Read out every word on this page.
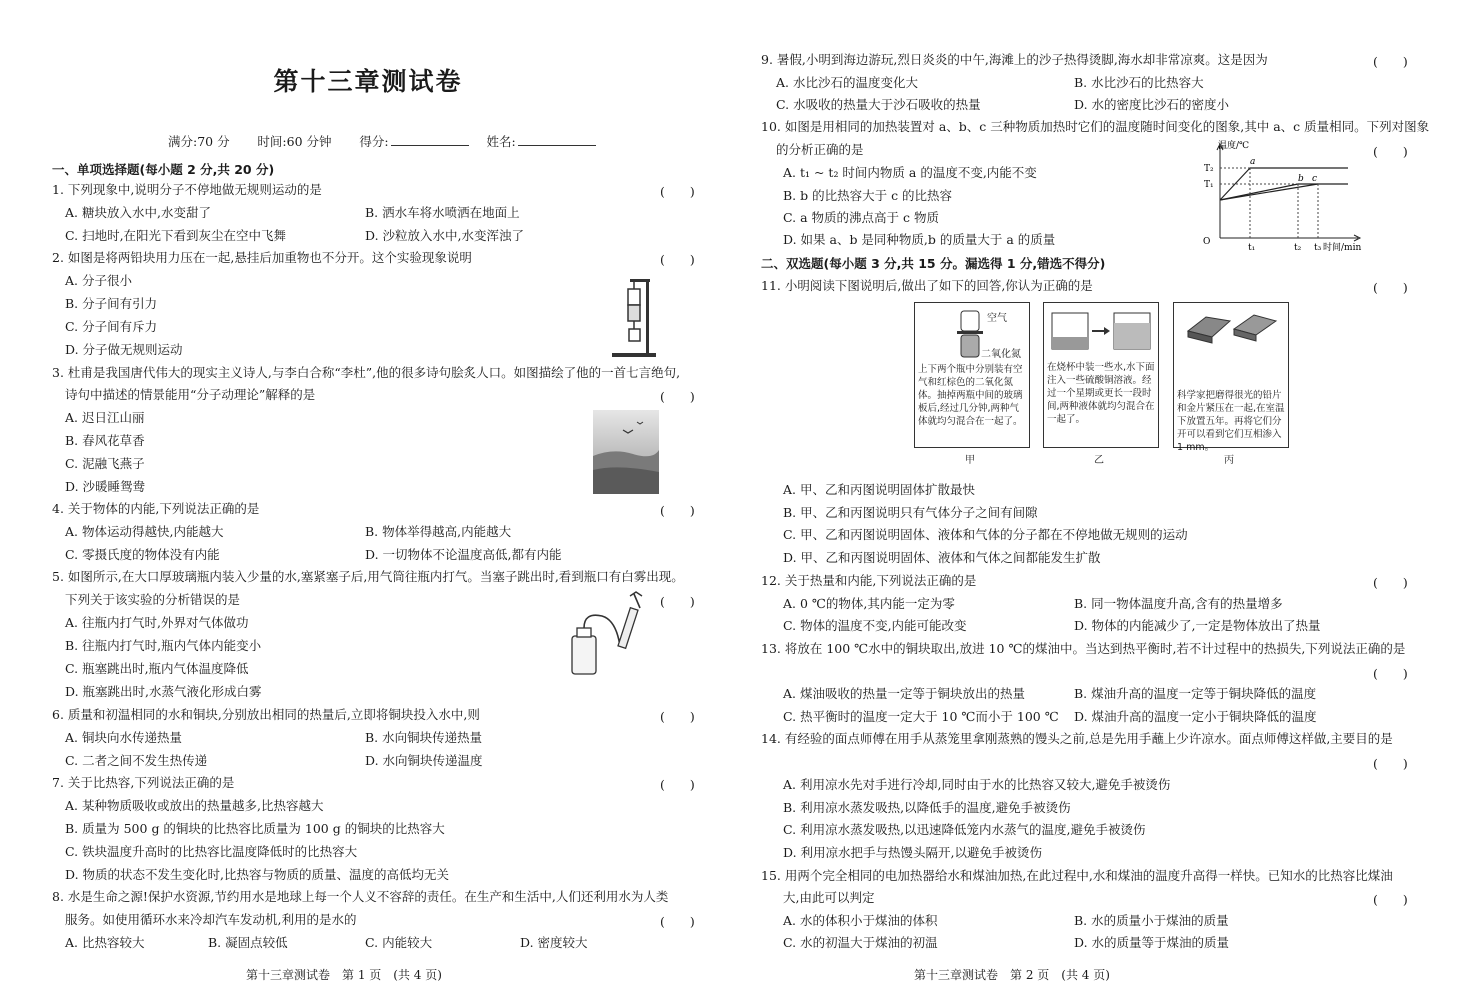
第十三章测试卷
满分:70 分 时间:60 分钟 得分:	姓名:
一、单项选择题(每小题 2 分,共 20 分)
1. 下列现象中,说明分子不停地做无规则运动的是	(　　)
A. 糖块放入水中,水变甜了	B. 洒水车将水喷洒在地面上
C. 扫地时,在阳光下看到灰尘在空中飞舞	D. 沙粒放入水中,水变浑浊了
2. 如图是将两铅块用力压在一起,悬挂后加重物也不分开。这个实验现象说明	(　　)
A. 分子很小
B. 分子间有引力
C. 分子间有斥力
D. 分子做无规则运动
3. 杜甫是我国唐代伟大的现实主义诗人,与李白合称“李杜”,他的很多诗句脍炙人口。如图描绘了他的一首七言绝句,
诗句中描述的情景能用“分子动理论”解释的是	(　　)
A. 迟日江山丽
B. 春风花草香
C. 泥融飞燕子
D. 沙暖睡鸳鸯
4. 关于物体的内能,下列说法正确的是	(　　)
A. 物体运动得越快,内能越大	B. 物体举得越高,内能越大
C. 零摄氏度的物体没有内能	D. 一切物体不论温度高低,都有内能
5. 如图所示,在大口厚玻璃瓶内装入少量的水,塞紧塞子后,用气筒往瓶内打气。当塞子跳出时,看到瓶口有白雾出现。
下列关于该实验的分析错误的是	(　　)
A. 往瓶内打气时,外界对气体做功
B. 往瓶内打气时,瓶内气体内能变小
C. 瓶塞跳出时,瓶内气体温度降低
D. 瓶塞跳出时,水蒸气液化形成白雾
6. 质量和初温相同的水和铜块,分别放出相同的热量后,立即将铜块投入水中,则	(　　)
A. 铜块向水传递热量	B. 水向铜块传递热量
C. 二者之间不发生热传递	D. 水向铜块传递温度
7. 关于比热容,下列说法正确的是	(　　)
A. 某种物质吸收或放出的热量越多,比热容越大
B. 质量为 500 g 的铜块的比热容比质量为 100 g 的铜块的比热容大
C. 铁块温度升高时的比热容比温度降低时的比热容大
D. 物质的状态不发生变化时,比热容与物质的质量、温度的高低均无关
8. 水是生命之源!保护水资源,节约用水是地球上每一个人义不容辞的责任。在生产和生活中,人们还利用水为人类
服务。如使用循环水来冷却汽车发动机,利用的是水的	(　　)
A. 比热容较大	B. 凝固点较低	C. 内能较大	D. 密度较大
第十三章测试卷　第 1 页　(共 4 页)
9. 暑假,小明到海边游玩,烈日炎炎的中午,海滩上的沙子热得烫脚,海水却非常凉爽。这是因为	(　　)
A. 水比沙石的温度变化大	B. 水比沙石的比热容大
C. 水吸收的热量大于沙石吸收的热量	D. 水的密度比沙石的密度小
10. 如图是用相同的加热装置对 a、b、c 三种物质加热时它们的温度随时间变化的图象,其中 a、c 质量相同。下列对图象
的分析正确的是	(　　)
A. t₁ ~ t₂ 时间内物质 a 的温度不变,内能不变
B. b 的比热容大于 c 的比热容
C. a 物质的沸点高于 c 物质
D. 如果 a、b 是同种物质,b 的质量大于 a 的质量
温度/℃
时间/min
O
T₂
T₁
t₁	t₂ t₃
a
b c
二、双选题(每小题 3 分,共 15 分。漏选得 1 分,错选不得分)
11. 小明阅读下图说明后,做出了如下的回答,你认为正确的是	(　　)
空气
二氧化氮
上下两个瓶中分别装有空气和红棕色的二氧化氮体。抽掉两瓶中间的玻璃板后,经过几分钟,两种气体就均匀混合在一起了。
甲
在烧杯中装一些水,水下面注入一些硫酸铜溶液。经过一个星期或更长一段时间,两种液体就均匀混合在一起了。
乙
科学家把磨得很光的铅片和金片紧压在一起,在室温下放置五年。再将它们分开可以看到它们互相渗入1 mm。
丙
A. 甲、乙和丙图说明固体扩散最快
B. 甲、乙和丙图说明只有气体分子之间有间隙
C. 甲、乙和丙图说明固体、液体和气体的分子都在不停地做无规则的运动
D. 甲、乙和丙图说明固体、液体和气体之间都能发生扩散
12. 关于热量和内能,下列说法正确的是	(　　)
A. 0 ℃的物体,其内能一定为零	B. 同一物体温度升高,含有的热量增多
C. 物体的温度不变,内能可能改变	D. 物体的内能减少了,一定是物体放出了热量
13. 将放在 100 ℃水中的铜块取出,放进 10 ℃的煤油中。当达到热平衡时,若不计过程中的热损失,下列说法正确的是
(　　)
A. 煤油吸收的热量一定等于铜块放出的热量	B. 煤油升高的温度一定等于铜块降低的温度
C. 热平衡时的温度一定大于 10 ℃而小于 100 ℃ D. 煤油升高的温度一定小于铜块降低的温度
14. 有经验的面点师傅在用手从蒸笼里拿刚蒸熟的馒头之前,总是先用手蘸上少许凉水。面点师傅这样做,主要目的是
(　　)
A. 利用凉水先对手进行冷却,同时由于水的比热容又较大,避免手被烫伤
B. 利用凉水蒸发吸热,以降低手的温度,避免手被烫伤
C. 利用凉水蒸发吸热,以迅速降低笼内水蒸气的温度,避免手被烫伤
D. 利用凉水把手与热馒头隔开,以避免手被烫伤
15. 用两个完全相同的电加热器给水和煤油加热,在此过程中,水和煤油的温度升高得一样快。已知水的比热容比煤油
大,由此可以判定	(　　)
A. 水的体积小于煤油的体积	B. 水的质量小于煤油的质量
C. 水的初温大于煤油的初温	D. 水的质量等于煤油的质量
第十三章测试卷　第 2 页　(共 4 页)
